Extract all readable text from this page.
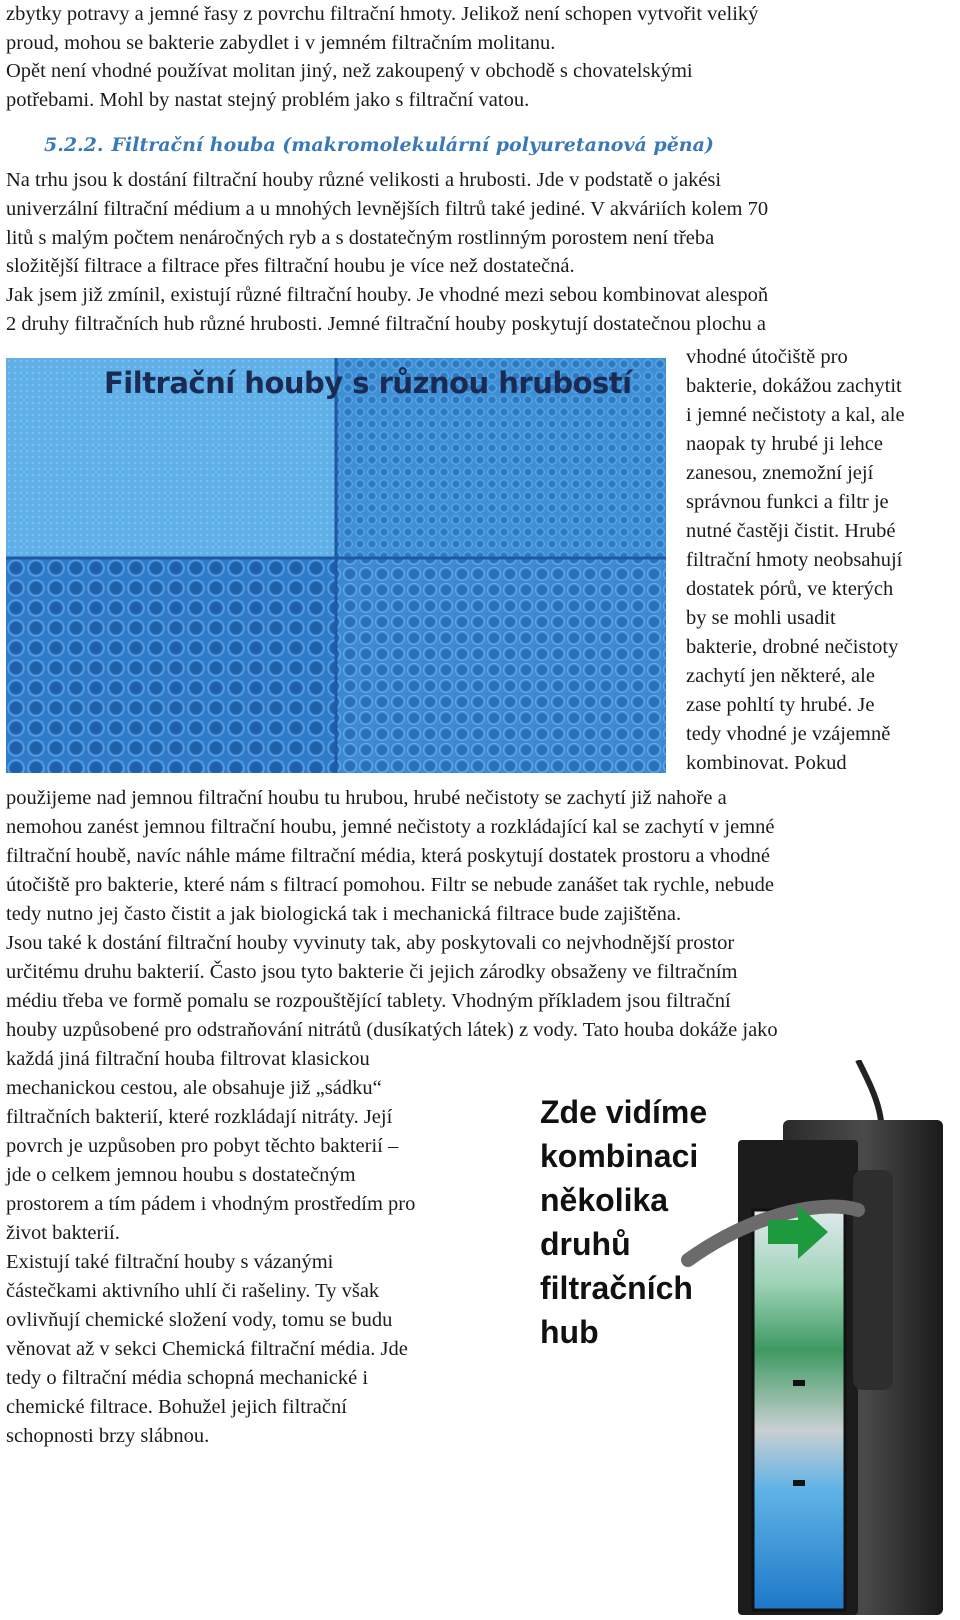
zbytky potravy a jemné řasy z povrchu filtrační hmoty. Jelikož není schopen vytvořit veliký

proud, mohou se bakterie zabydlet i v jemném filtračním molitanu.

Opět není vhodné používat molitan jiný, než zakoupený v obchodě s chovatelskými

potřebami. Mohl by nastat stejný problém jako s filtrační vatou.

5.2.2. Filtrační houba (makromolekulární polyuretanová pěna)

Na trhu jsou k dostání filtrační houby různé velikosti a hrubosti. Jde v podstatě o jakési

univerzální filtrační médium a u mnohých levnějších filtrů také jediné. V akváriích kolem 70

litů s malým počtem nenáročných ryb a s dostatečným rostlinným porostem není třeba

složitější filtrace a filtrace přes filtrační houbu je více než dostatečná.

Jak jsem již zmínil, existují různé filtrační houby. Je vhodné mezi sebou kombinovat alespoň

2 druhy filtračních hub různé hrubosti. Jemné filtrační houby poskytují dostatečnou plochu a

Filtrační houby s různou hrubostí

vhodné útočiště pro
bakterie, dokážou zachytit
i jemné nečistoty a kal, ale
naopak ty hrubé ji lehce
zanesou, znemožní její
správnou funkci a filtr je
nutné častěji čistit. Hrubé
filtrační hmoty neobsahují
dostatek pórů, ve kterých
by se mohli usadit
bakterie, drobné nečistoty
zachytí jen některé, ale
zase pohltí ty hrubé. Je
tedy vhodné je vzájemně
kombinovat. Pokud

použijeme nad jemnou filtrační houbu tu hrubou, hrubé nečistoty se zachytí již nahoře a

nemohou zanést jemnou filtrační houbu, jemné nečistoty a rozkládající kal se zachytí v jemné

filtrační houbě, navíc náhle máme filtrační média, která poskytují dostatek prostoru a vhodné

útočiště pro bakterie, které nám s filtrací pomohou. Filtr se nebude zanášet tak rychle, nebude

tedy nutno jej často čistit a jak biologická tak i mechanická filtrace bude zajištěna.

Jsou také k dostání filtrační houby vyvinuty tak, aby poskytovali co nejvhodnější prostor

určitému druhu bakterií. Často jsou tyto bakterie či jejich zárodky obsaženy ve filtračním

médiu třeba ve formě pomalu se rozpouštějící tablety. Vhodným příkladem jsou filtrační

houby uzpůsobené pro odstraňování nitrátů (dusíkatých látek) z vody. Tato houba dokáže jako

každá jiná filtrační houba filtrovat klasickou
mechanickou cestou, ale obsahuje již „sádku“
filtračních bakterií, které rozkládají nitráty. Její
povrch je uzpůsoben pro pobyt těchto bakterií –
jde o celkem jemnou houbu s dostatečným
prostorem a tím pádem i vhodným prostředím pro
život bakterií.
Existují také filtrační houby s vázanými
částečkami aktivního uhlí či rašeliny. Ty však
ovlivňují chemické složení vody, tomu se budu
věnovat až v sekci Chemická filtrační média. Jde
tedy o filtrační média schopná mechanické i
chemické filtrace. Bohužel jejich filtrační
schopnosti brzy slábnou.
Zde vidíme
kombinaci
několika
druhů
filtračních
hub
